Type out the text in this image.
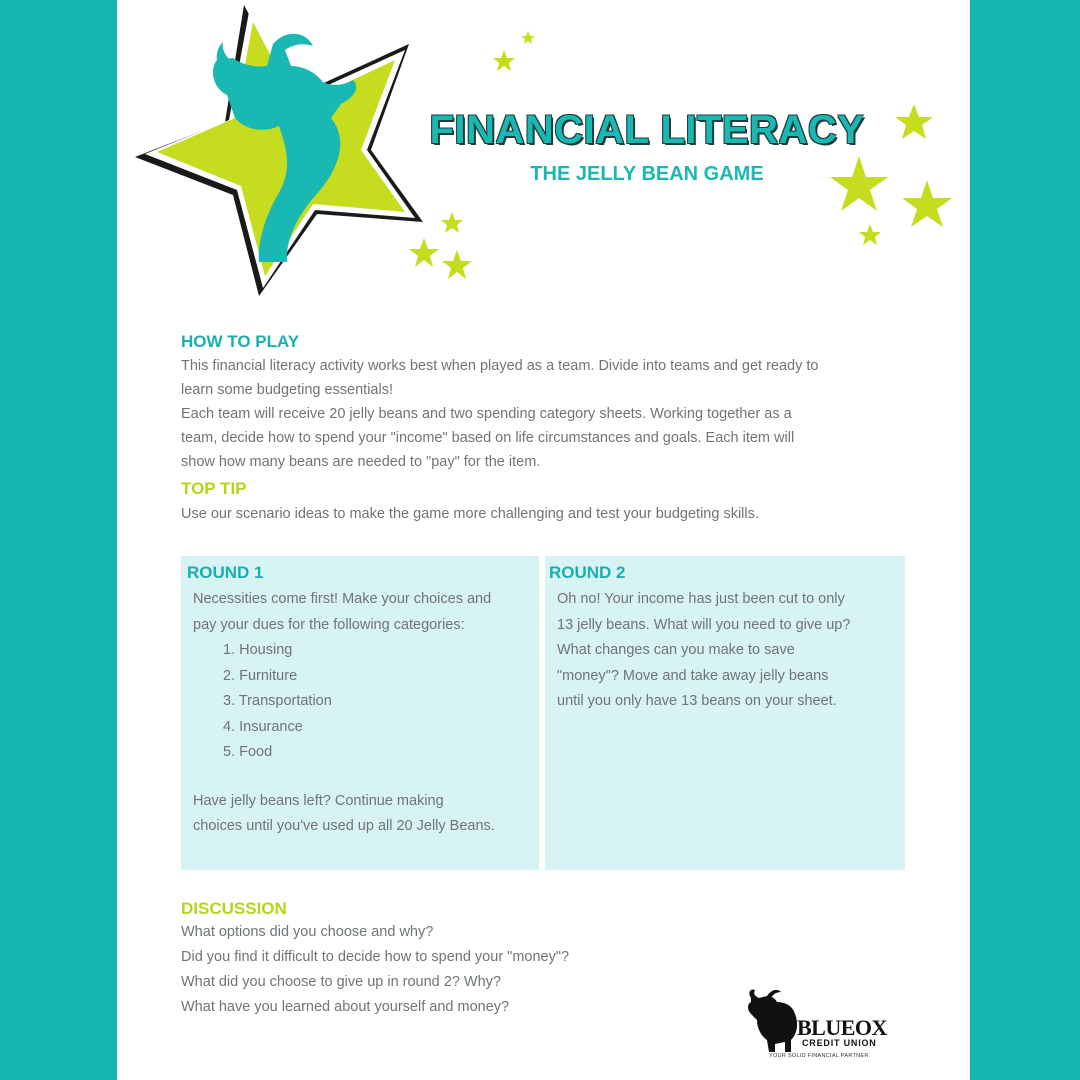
FINANCIAL LITERACY
THE JELLY BEAN GAME
HOW TO PLAY
This financial literacy activity works best when played as a team. Divide into teams and get ready to
learn some budgeting essentials!
Each team will receive 20 jelly beans and two spending category sheets. Working together as a
team, decide how to spend your "income" based on life circumstances and goals. Each item will
show how many beans are needed to "pay" for the item.
TOP TIP
Use our scenario ideas to make the game more challenging and test your budgeting skills.
ROUND 1
Necessities come first! Make your choices and
pay your dues for the following categories:
1. Housing
2. Furniture
3. Transportation
4. Insurance
5. Food
Have jelly beans left? Continue making
choices until you've used up all 20 Jelly Beans.
ROUND 2
Oh no! Your income has just been cut to only
13 jelly beans. What will you need to give up?
What changes can you make to save
"money"? Move and take away jelly beans
until you only have 13 beans on your sheet.
DISCUSSION
What options did you choose and why?
Did you find it difficult to decide how to spend your "money"?
What did you choose to give up in round 2? Why?
What have you learned about yourself and money?
BLUEOX
CREDIT UNION
YOUR SOLID FINANCIAL PARTNER
